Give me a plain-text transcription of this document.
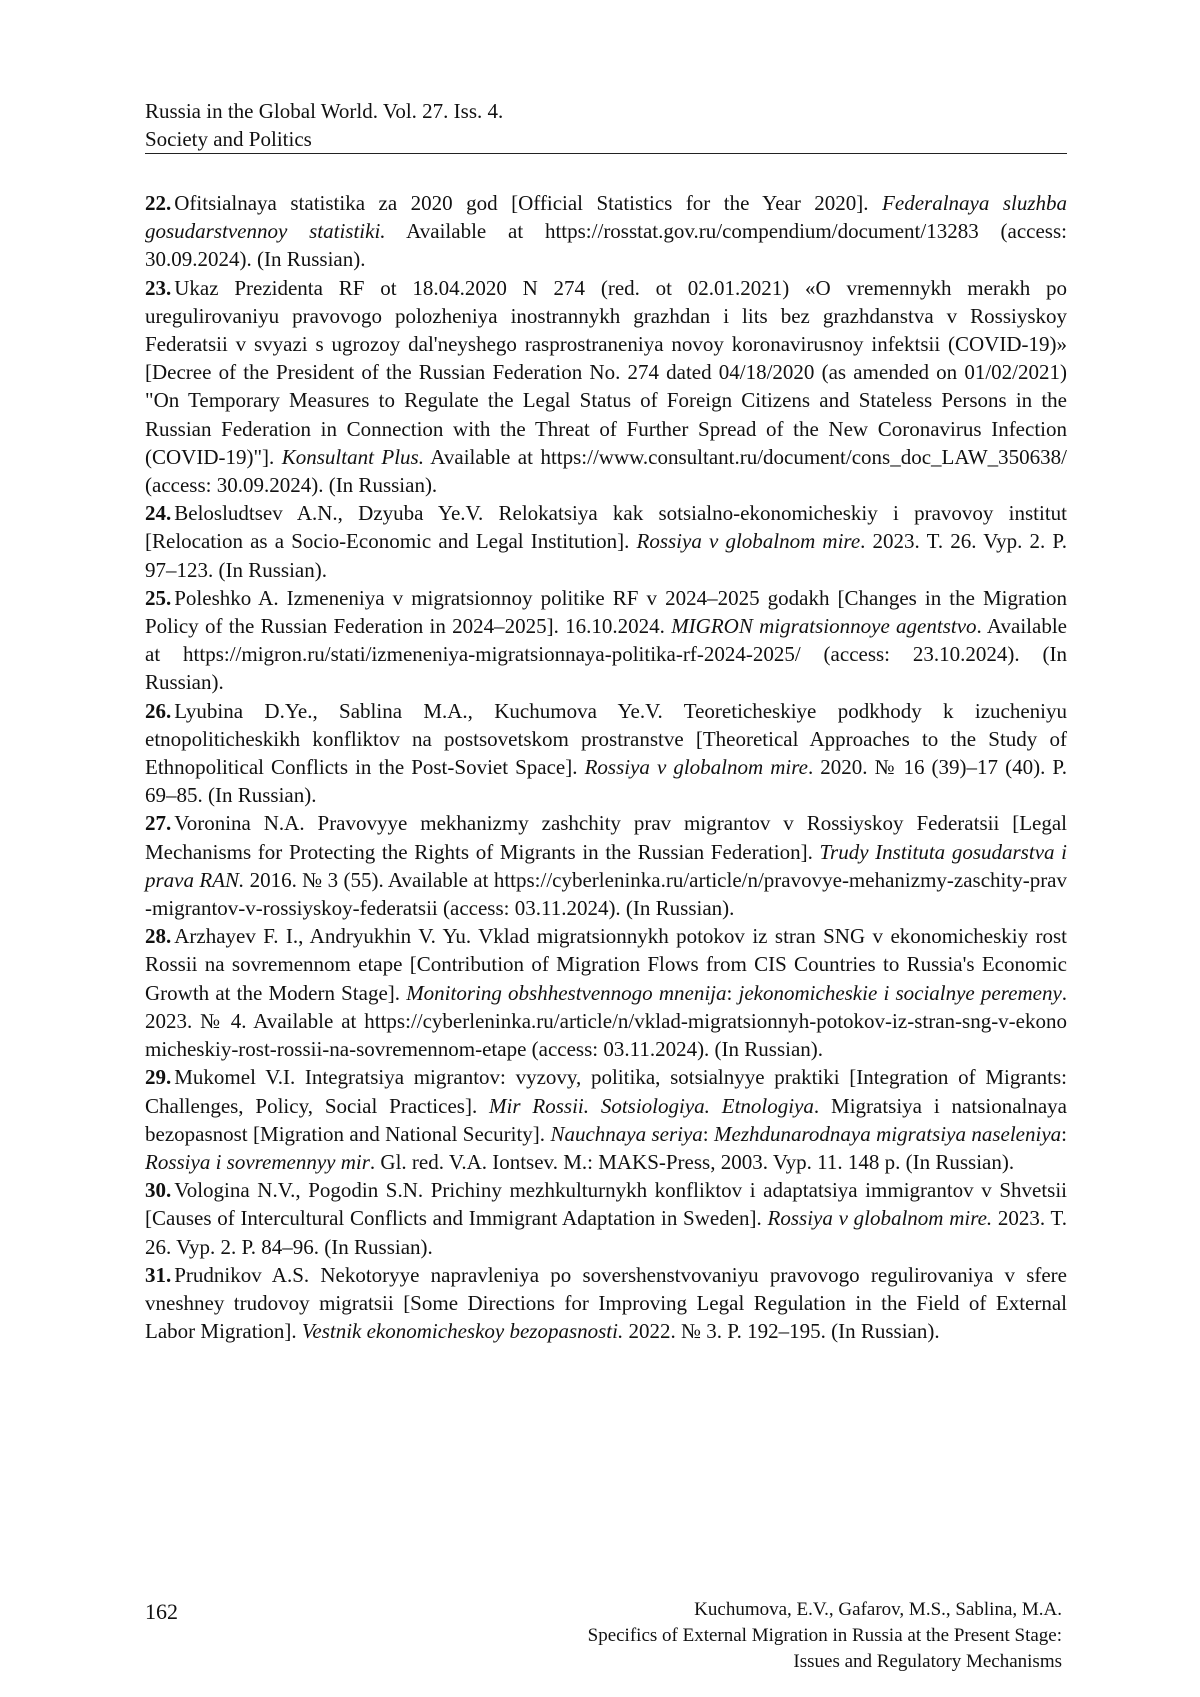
Russia in the Global World. Vol. 27. Iss. 4.
Society and Politics
22. Ofitsialnaya statistika za 2020 god [Official Statistics for the Year 2020]. Federalnaya sluzhba gosudarstvennoy statistiki. Available at https://rosstat.gov.ru/compendium/document/13283 (access: 30.09.2024). (In Russian).
23. Ukaz Prezidenta RF ot 18.04.2020 N 274 (red. ot 02.01.2021) «O vremennykh merakh po uregulirovaniyu pravovogo polozheniya inostrannykh grazhdan i lits bez grazhdanstva v Rossiyskoy Federatsii v svyazi s ugrozoy dal'neyshego rasprostraneniya novoy koronavirusnoy infektsii (COVID-19)» [Decree of the President of the Russian Federation No. 274 dated 04/18/2020 (as amended on 01/02/2021) "On Temporary Measures to Regulate the Legal Status of Foreign Citizens and Stateless Persons in the Russian Federation in Connection with the Threat of Further Spread of the New Coronavirus Infection (COVID-19)"]. Konsultant Plus. Available at https://www.consultant.ru/document/cons_doc_LAW_350638/ (access: 30.09.2024). (In Russian).
24. Belosludtsev A.N., Dzyuba Ye.V. Relokatsiya kak sotsialno-ekonomicheskiy i pravovoy institut [Relocation as a Socio-Economic and Legal Institution]. Rossiya v globalnom mire. 2023. T. 26. Vyp. 2. P. 97–123. (In Russian).
25. Poleshko A. Izmeneniya v migratsionnoy politike RF v 2024–2025 godakh [Changes in the Migration Policy of the Russian Federation in 2024–2025]. 16.10.2024. MIGRON migratsionnoye agentstvo. Available at https://migron.ru/stati/izmeneniya-migratsionnaya-politika-rf-2024-2025/ (access: 23.10.2024). (In Russian).
26. Lyubina D.Ye., Sablina M.A., Kuchumova Ye.V. Teoreticheskiye podkhody k izucheniyu etnopoliticheskikh konfliktov na postsovetskom prostranstve [Theoretical Approaches to the Study of Ethnopolitical Conflicts in the Post-Soviet Space]. Rossiya v globalnom mire. 2020. № 16 (39)–17 (40). P. 69–85. (In Russian).
27. Voronina N.A. Pravovyye mekhanizmy zashchity prav migrantov v Rossiyskoy Federatsii [Legal Mechanisms for Protecting the Rights of Migrants in the Russian Federation]. Trudy Instituta gosudarstva i prava RAN. 2016. № 3 (55). Available at https://cyberleninka.ru/article/n/pravovye-mehanizmy-zaschity-prav-migrantov-v-rossiyskoy-federatsii (access: 03.11.2024). (In Russian).
28. Arzhayev F. I., Andryukhin V. Yu. Vklad migratsionnykh potokov iz stran SNG v ekonomicheskiy rost Rossii na sovremennom etape [Contribution of Migration Flows from CIS Countries to Russia's Economic Growth at the Modern Stage]. Monitoring obshhestvennogo mnenija: jekonomicheskie i socialnye peremeny. 2023. № 4. Available at https://cyberleninka.ru/article/n/vklad-migratsionnyh-potokov-iz-stran-sng-v-ekonomicheskiy-rost-rossii-na-sovremennom-etape (access: 03.11.2024). (In Russian).
29. Mukomel V.I. Integratsiya migrantov: vyzovy, politika, sotsialnyye praktiki [Integration of Migrants: Challenges, Policy, Social Practices]. Mir Rossii. Sotsiologiya. Etnologiya. Migratsiya i natsionalnaya bezopasnost [Migration and National Security]. Nauchnaya seriya: Mezhdunarodnaya migratsiya naseleniya: Rossiya i sovremennyy mir. Gl. red. V.A. Iontsev. M.: MAKS-Press, 2003. Vyp. 11. 148 p. (In Russian).
30. Vologina N.V., Pogodin S.N. Prichiny mezhkulturnykh konfliktov i adaptatsiya immigrantov v Shvetsii [Causes of Intercultural Conflicts and Immigrant Adaptation in Sweden]. Rossiya v globalnom mire. 2023. T. 26. Vyp. 2. P. 84–96. (In Russian).
31. Prudnikov A.S. Nekotoryye napravleniya po sovershenstvovaniyu pravovogo regulirovaniya v sfere vneshney trudovoy migratsii [Some Directions for Improving Legal Regulation in the Field of External Labor Migration]. Vestnik ekonomicheskoy bezopasnosti. 2022. № 3. P. 192–195. (In Russian).
162	Kuchumova, E.V., Gafarov, M.S., Sablina, M.A.
Specifics of External Migration in Russia at the Present Stage:
Issues and Regulatory Mechanisms
